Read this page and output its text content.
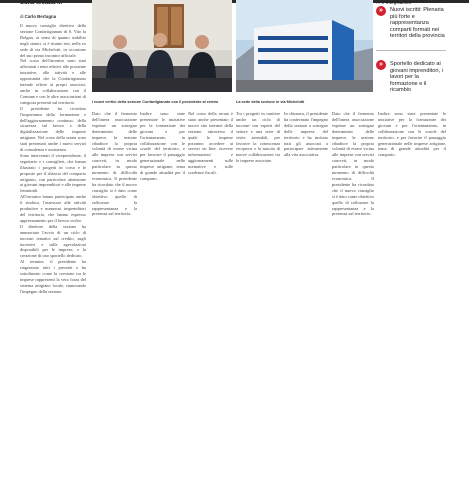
Sulla testata ...	... e integrazioni
di Carlo Bertagna

Il nuovo consiglio direttivo della sezione Confartigianato di S. Vito la Bolgna, ai sensi di quanto stabilito negli statuti, si è riunito ieri, nella ex sede di via Michelotti, in occasione del suo primo incontro ufficiale.

Nel corso dell'incontro sono stati affrontati i temi relativi alle prossime iniziative, alle attività e alle opportunità che la Confartigianato intende offrire ai propri associati, anche in collaborazione con il Comune e con le altre associazioni di categoria presenti sul territorio.

Il presidente ha ricordato l'importanza della formazione e dell'aggiornamento continuo, della sicurezza sul lavoro e della digitalizzazione delle imprese artigiane. Nel corso della serata sono stati presentati anche i nuovi servizi di consulenza e assistenza.

Sono intervenuti il vicepresidente, il segretario e i consiglieri, che hanno illustrato i progetti in corso e le proposte per il rilancio del comparto artigiano, con particolare attenzione ai giovani imprenditori e alle imprese femminili.

All'incontro hanno partecipato anche il sindaco, l'assessore alle attività produttive e numerosi imprenditori del territorio, che hanno espresso apprezzamento per il lavoro svolto.

Il direttore della sezione ha annunciato l'avvio di un ciclo di incontri tematici sul credito, sugli incentivi e sulle agevolazioni disponibili per le imprese, e la creazione di uno sportello dedicato.

Al termine, il presidente ha ringraziato tutti i presenti e ha sottolineato come la coesione tra le imprese rappresenti la vera forza del sistema artigiano locale, rinnovando l'impegno della sezione.

I nuovi vertici della sezione Confartigianato con il presidente al centro	La sede della sezione in via Michelotti
Dato che il fermento dell'intera associazione esprime un sostegno determinato delle imprese, la sezione ribadisce la propria volontà di essere vicina alle imprese con servizi concreti, in modo particolare in questo momento di difficoltà economica. Il presidente ha ricordato che il nuovo consiglio si è dato come obiettivo quello di rafforzare la rappresentanza e la presenza sul territorio.
Inoltre sono state presentate le iniziative per la formazione dei giovani e per l'orientamento, in collaborazione con le scuole del territorio, e per favorire il passaggio generazionale nelle imprese artigiane, tema di grande attualità per il comparto.
Nel corso della serata è stato anche presentato il nuovo sito internet della sezione, attraverso il quale le imprese potranno accedere ai servizi on line, ricevere informazioni e aggiornamenti sulle normative e sulle scadenze fiscali.
Tra i progetti in cantiere anche un ciclo di incontri con esperti del settore e una serie di visite aziendali, per favorire la conoscenza reciproca e la nascita di nuove collaborazioni tra le imprese associate.
In chiusura, il presidente ha confermato l'impegno della sezione a sostegno delle imprese del territorio e ha invitato tutti gli associati a partecipare attivamente alla vita associativa.
Dato che il fermento dell'intera associazione esprime un sostegno determinato delle imprese, la sezione ribadisce la propria volontà di essere vicina alle imprese con servizi concreti, in modo particolare in questo momento di difficoltà economica. Il presidente ha ricordato che il nuovo consiglio si è dato come obiettivo quello di rafforzare la rappresentanza e la presenza sul territorio.
Inoltre sono state presentate le iniziative per la formazione dei giovani e per l'orientamento, in collaborazione con le scuole del territorio, e per favorire il passaggio generazionale nelle imprese artigiane, tema di grande attualità per il comparto.
» Nuovi iscritti: Plenaria più forte e rappresentanza comparti formati nei territori della provincia
» Sportello dedicato ai giovani imprenditori, i lavori per la formazione e il ricambio
